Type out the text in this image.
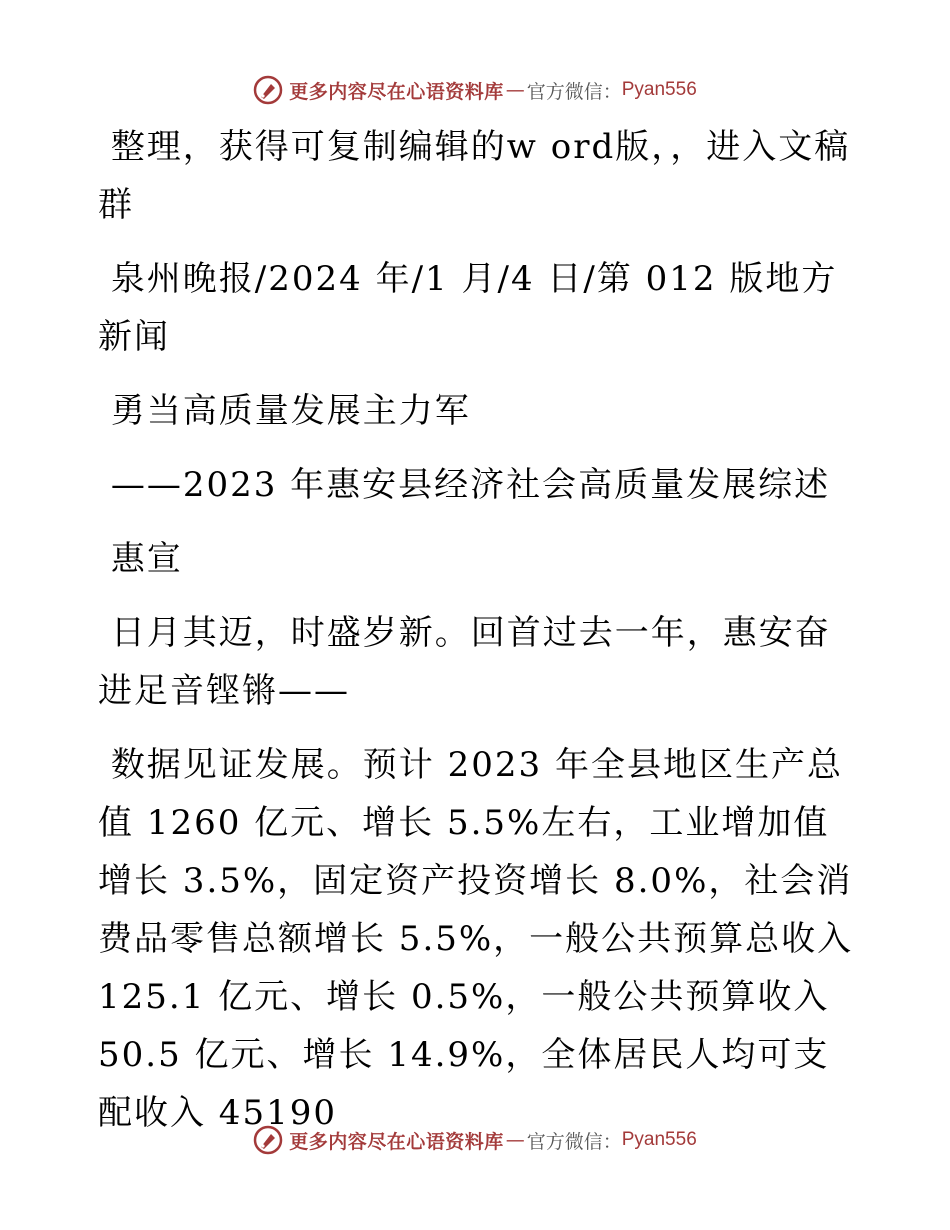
更多内容尽在心语资料库 — 官方微信： Pyan556

整理，获得可复制编辑的w ord版，，进入文稿群

泉州晚报/2024 年/1 月/4 日/第 012 版地方新闻

勇当高质量发展主力军

——2023 年惠安县经济社会高质量发展综述

惠宣

日月其迈，时盛岁新。回首过去一年，惠安奋进足音铿锵——

数据见证发展。预计 2023 年全县地区生产总值 1260 亿元、增长 5.5%左右，工业增加值增长 3.5%，固定资产投资增长 8.0%，社会消费品零售总额增长 5.5%，一般公共预算总收入 125.1 亿元、增长 0.5%，一般公共预算收入 50.5 亿元、增长 14.9%，全体居民人均可支配收入 45190

更多内容尽在心语资料库 — 官方微信： Pyan556
